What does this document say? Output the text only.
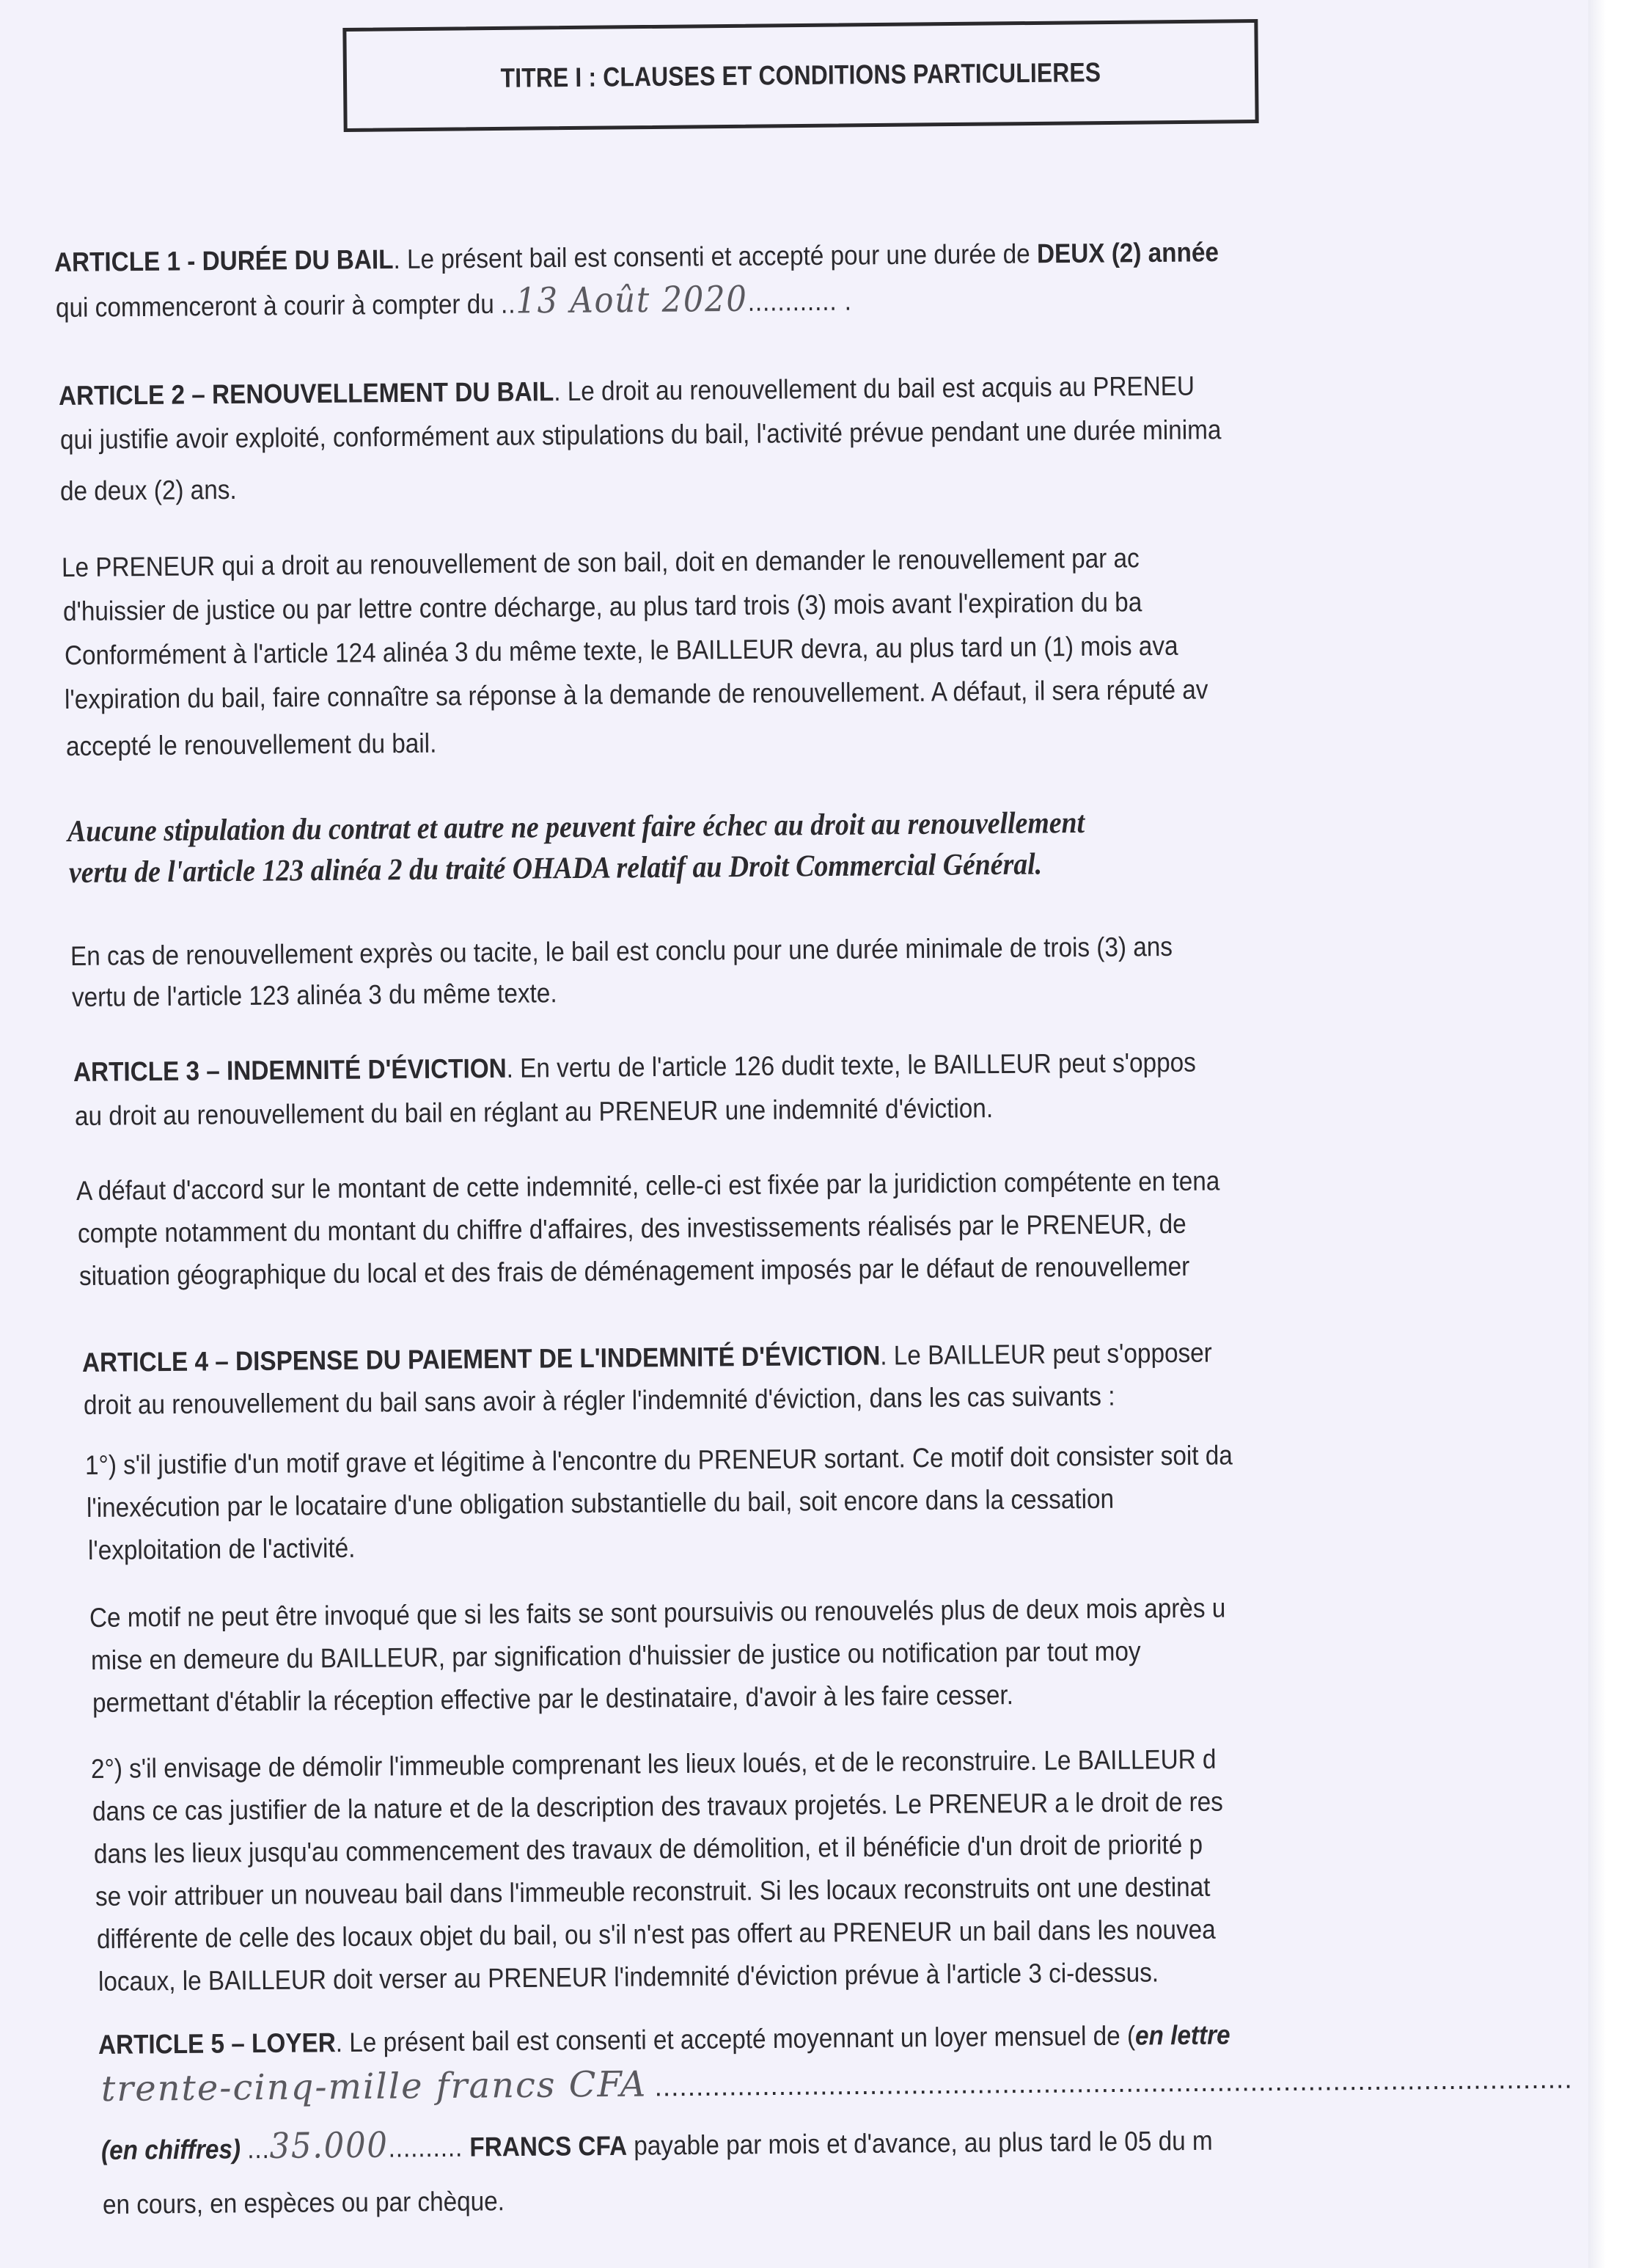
TITRE I : CLAUSES ET CONDITIONS PARTICULIERES
ARTICLE 1 - DURÉE DU BAIL. Le présent bail est consenti et accepté pour une durée de DEUX (2) année
qui commenceront à courir à compter du ..13 Août 2020............ .
ARTICLE 2 – RENOUVELLEMENT DU BAIL. Le droit au renouvellement du bail est acquis au PRENEU
qui justifie avoir exploité, conformément aux stipulations du bail, l'activité prévue pendant une durée minima
de deux (2) ans.
Le PRENEUR qui a droit au renouvellement de son bail, doit en demander le renouvellement par ac
d'huissier de justice ou par lettre contre décharge, au plus tard trois (3) mois avant l'expiration du ba
Conformément à l'article 124 alinéa 3 du même texte, le BAILLEUR devra, au plus tard un (1) mois ava
l'expiration du bail, faire connaître sa réponse à la demande de renouvellement. A défaut, il sera réputé av
accepté le renouvellement du bail.
Aucune stipulation du contrat et autre ne peuvent faire échec au droit au renouvellement
vertu de l'article 123 alinéa 2 du traité OHADA relatif au Droit Commercial Général.
En cas de renouvellement exprès ou tacite, le bail est conclu pour une durée minimale de trois (3) ans
vertu de l'article 123 alinéa 3 du même texte.
ARTICLE 3 – INDEMNITÉ D'ÉVICTION. En vertu de l'article 126 dudit texte, le BAILLEUR peut s'oppos
au droit au renouvellement du bail en réglant au PRENEUR une indemnité d'éviction.
A défaut d'accord sur le montant de cette indemnité, celle-ci est fixée par la juridiction compétente en tena
compte notamment du montant du chiffre d'affaires, des investissements réalisés par le PRENEUR, de
situation géographique du local et des frais de déménagement imposés par le défaut de renouvellemer
ARTICLE 4 – DISPENSE DU PAIEMENT DE L'INDEMNITÉ D'ÉVICTION. Le BAILLEUR peut s'opposer
droit au renouvellement du bail sans avoir à régler l'indemnité d'éviction, dans les cas suivants :
1°) s'il justifie d'un motif grave et légitime à l'encontre du PRENEUR sortant. Ce motif doit consister soit da
l'inexécution par le locataire d'une obligation substantielle du bail, soit encore dans la cessation
l'exploitation de l'activité.
Ce motif ne peut être invoqué que si les faits se sont poursuivis ou renouvelés plus de deux mois après u
mise en demeure du BAILLEUR, par signification d'huissier de justice ou notification par tout moy
permettant d'établir la réception effective par le destinataire, d'avoir à les faire cesser.
2°) s'il envisage de démolir l'immeuble comprenant les lieux loués, et de le reconstruire. Le BAILLEUR d
dans ce cas justifier de la nature et de la description des travaux projetés. Le PRENEUR a le droit de res
dans les lieux jusqu'au commencement des travaux de démolition, et il bénéficie d'un droit de priorité p
se voir attribuer un nouveau bail dans l'immeuble reconstruit. Si les locaux reconstruits ont une destinat
différente de celle des locaux objet du bail, ou s'il n'est pas offert au PRENEUR un bail dans les nouvea
locaux, le BAILLEUR doit verser au PRENEUR l'indemnité d'éviction prévue à l'article 3 ci-dessus.
ARTICLE 5 – LOYER. Le présent bail est consenti et accepté moyennant un loyer mensuel de (en lettre
trente-cinq-mille francs CFA ...............................................................................................................
(en chiffres) ...35.000.......... FRANCS CFA payable par mois et d'avance, au plus tard le 05 du m
en cours, en espèces ou par chèque.
